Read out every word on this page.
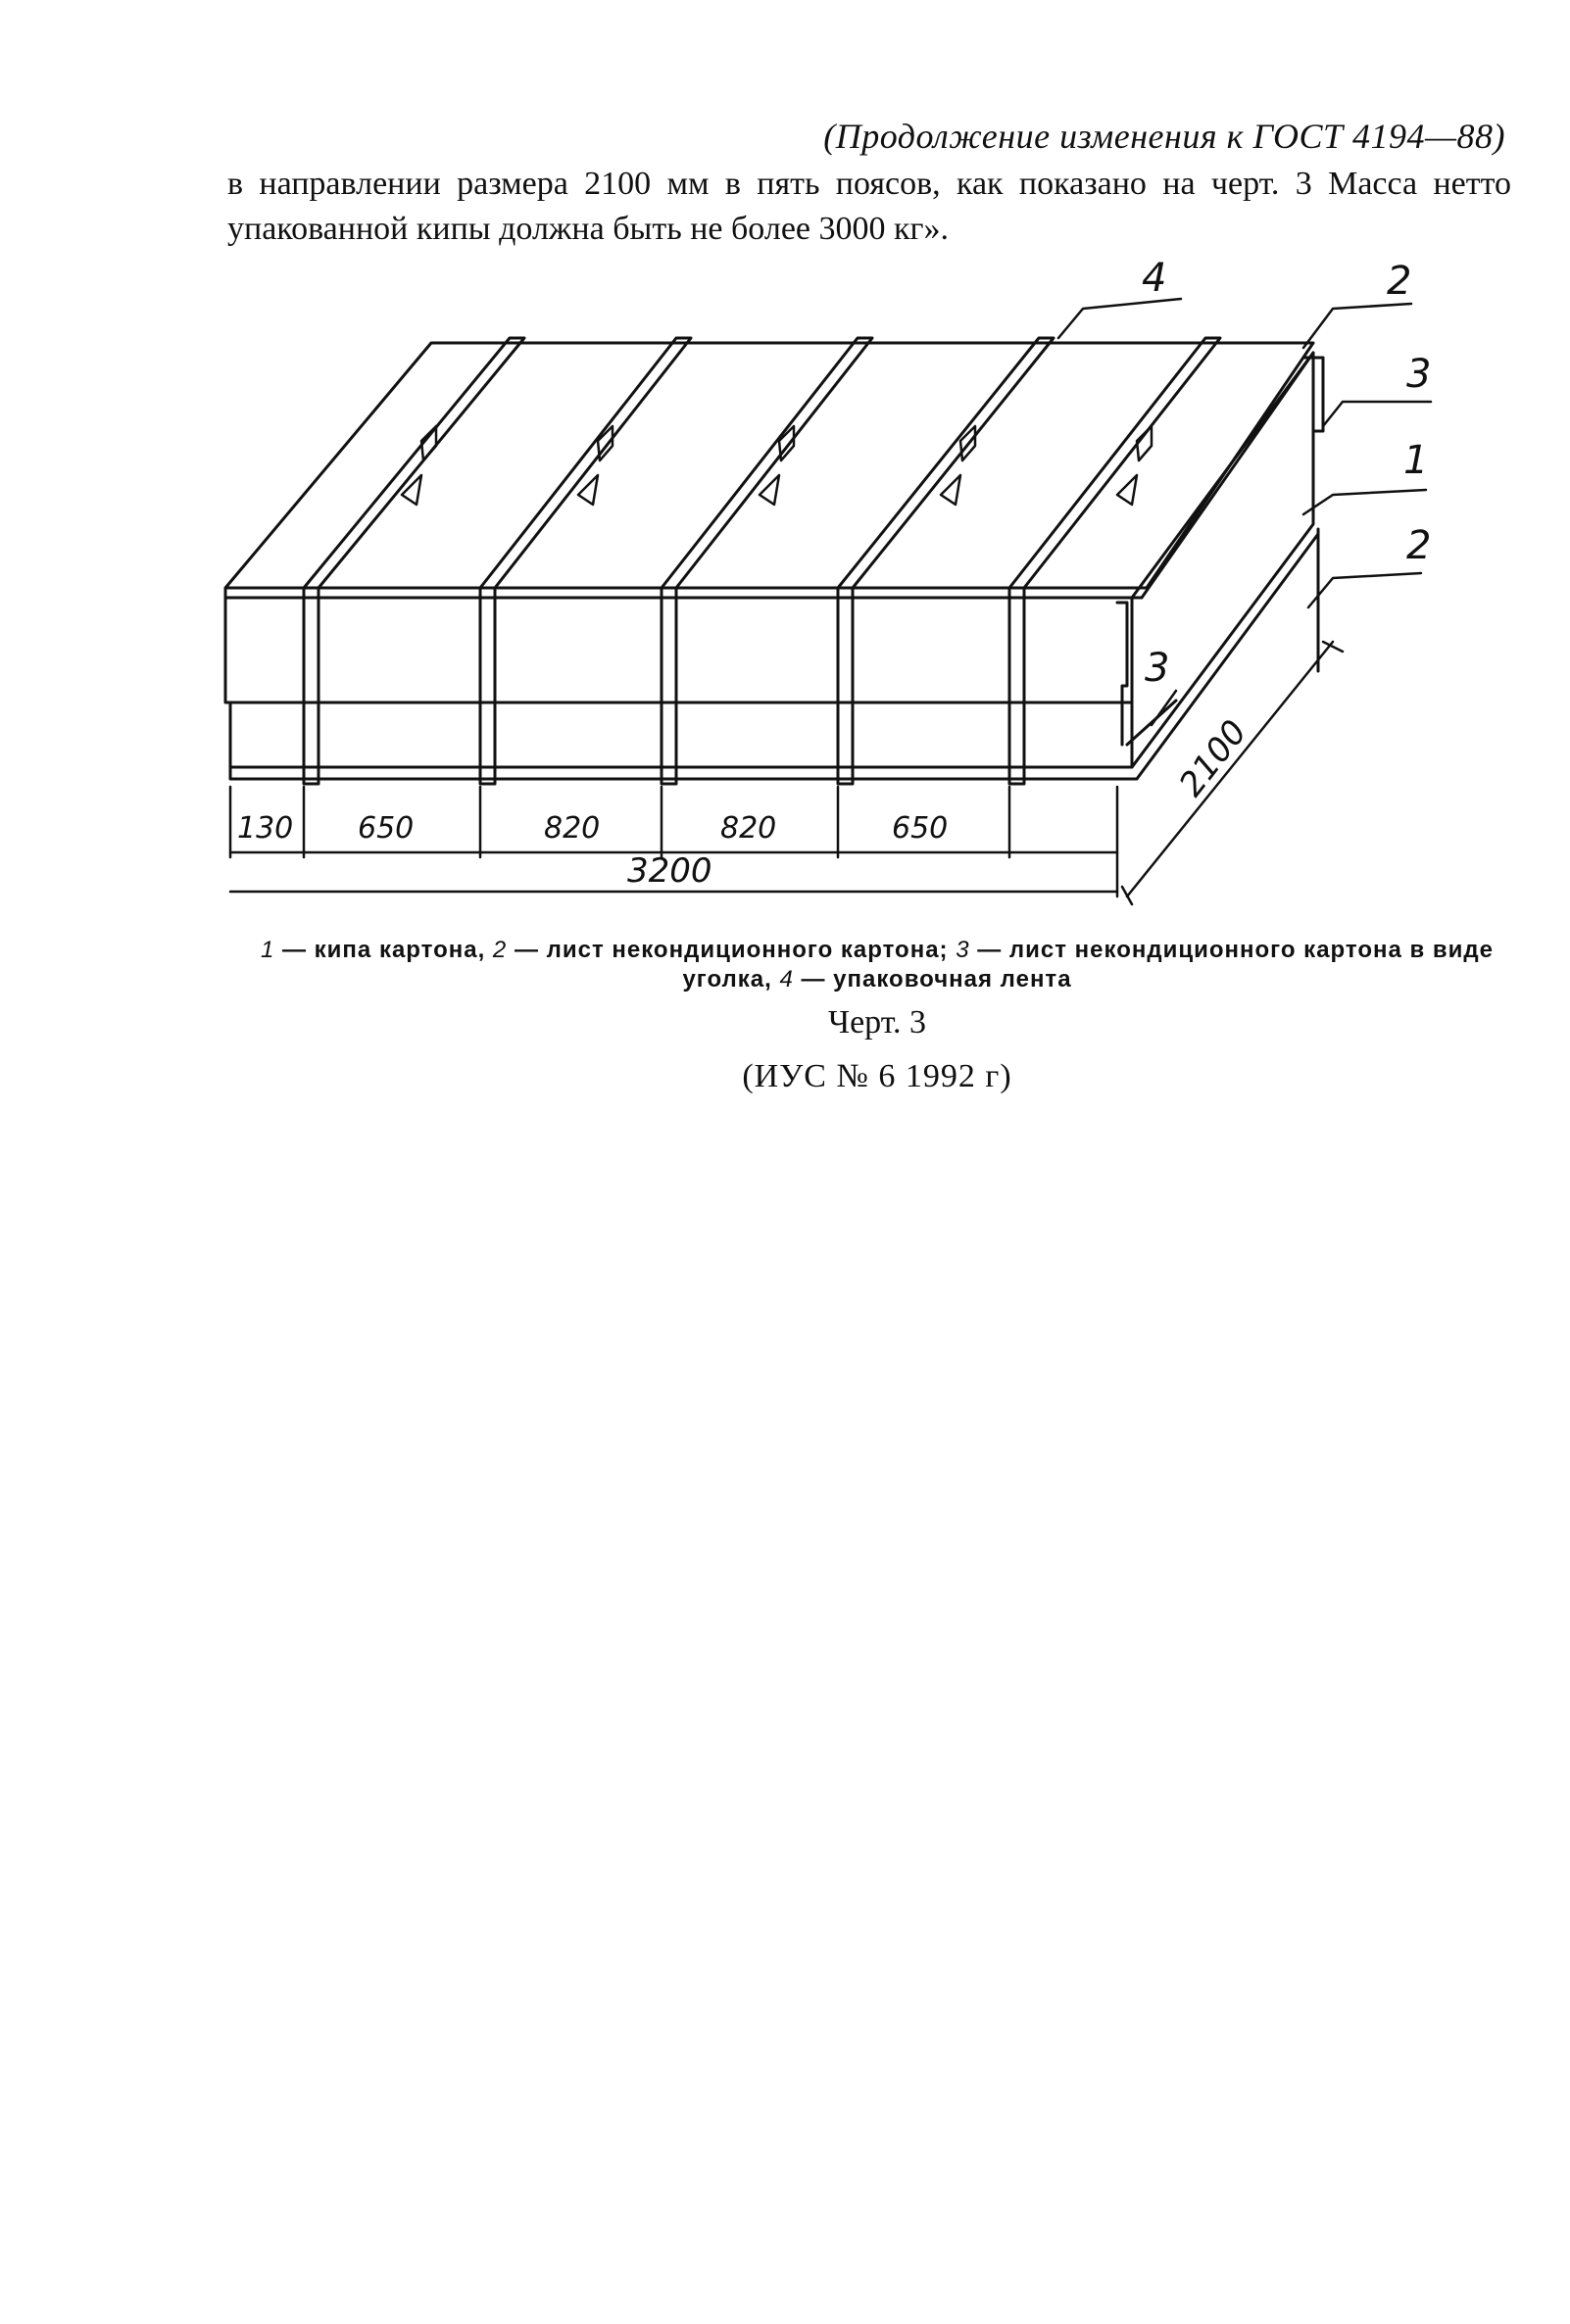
(Продолжение изменения к ГОСТ 4194—88)
в направлении размера 2100 мм в пять поясов, как показано на черт. 3 Масса нетто упакованной кипы должна быть не более 3000 кг».
4	2
3
1
2
3
130 650	820	820	650
3200
2100
1 — кипа картона, 2 — лист некондиционного картона; 3 — лист некондиционного картона в виде уголка, 4 — упаковочная лента
Черт. 3
(ИУС № 6 1992 г)
